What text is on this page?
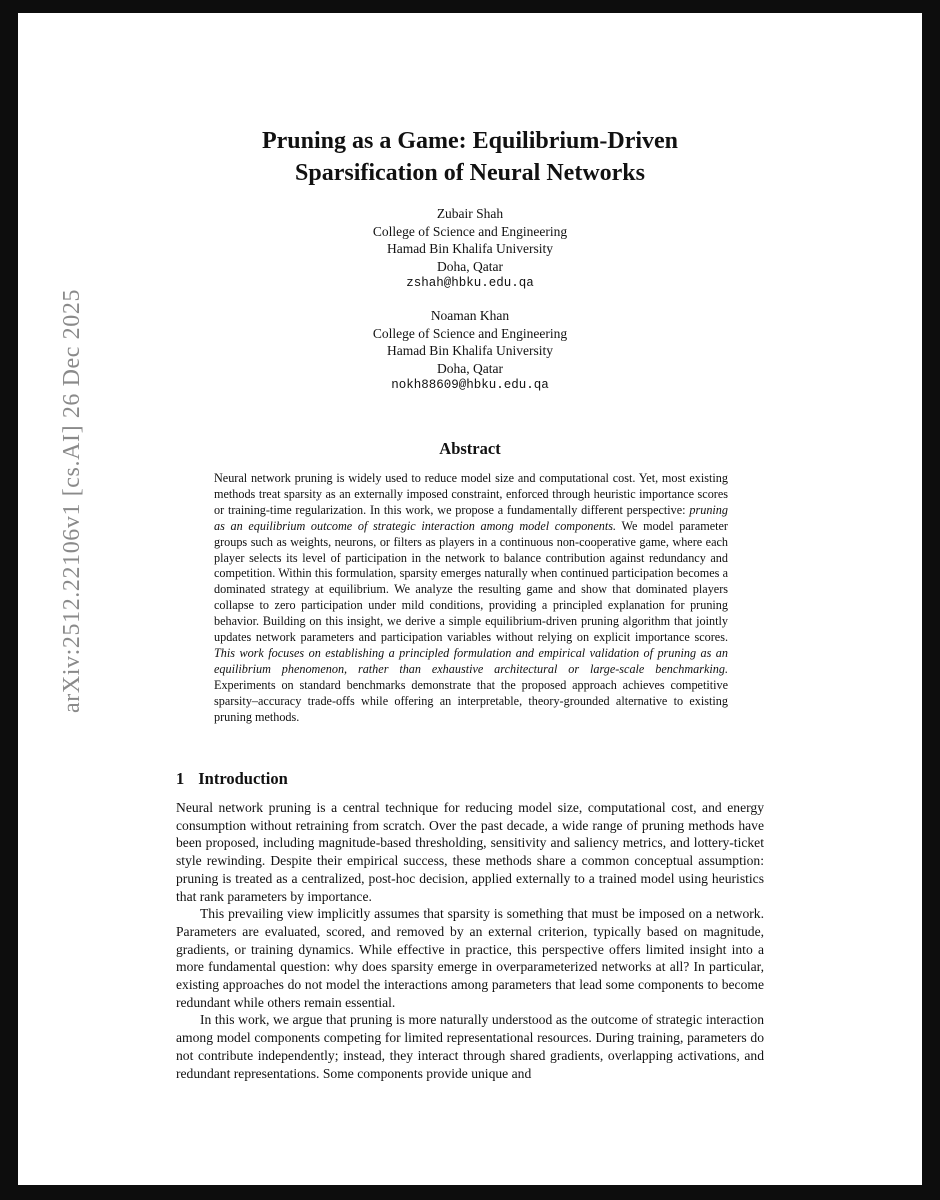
arXiv:2512.22106v1 [cs.AI] 26 Dec 2025
Pruning as a Game: Equilibrium-Driven
Sparsification of Neural Networks
Zubair Shah
College of Science and Engineering
Hamad Bin Khalifa University
Doha, Qatar
zshah@hbku.edu.qa
Noaman Khan
College of Science and Engineering
Hamad Bin Khalifa University
Doha, Qatar
nokh88609@hbku.edu.qa
Abstract
Neural network pruning is widely used to reduce model size and computational cost. Yet, most existing methods treat sparsity as an externally imposed constraint, enforced through heuristic importance scores or training-time regularization. In this work, we propose a fundamentally different perspective: pruning as an equilibrium outcome of strategic interaction among model components. We model parameter groups such as weights, neurons, or filters as players in a continuous non-cooperative game, where each player selects its level of participation in the network to balance contribution against redundancy and competition. Within this formulation, sparsity emerges naturally when continued participation becomes a dominated strategy at equilibrium. We analyze the resulting game and show that dominated players collapse to zero participation under mild conditions, providing a principled explanation for pruning behavior. Building on this insight, we derive a simple equilibrium-driven pruning algorithm that jointly updates network parameters and participation variables without relying on explicit importance scores. This work focuses on establishing a principled formulation and empirical validation of pruning as an equilibrium phenomenon, rather than exhaustive architectural or large-scale benchmarking. Experiments on standard benchmarks demonstrate that the proposed approach achieves competitive sparsity–accuracy trade-offs while offering an interpretable, theory-grounded alternative to existing pruning methods.
1 Introduction

Neural network pruning is a central technique for reducing model size, computational cost, and energy consumption without retraining from scratch. Over the past decade, a wide range of pruning methods have been proposed, including magnitude-based thresholding, sensitivity and saliency metrics, and lottery-ticket style rewinding. Despite their empirical success, these methods share a common conceptual assumption: pruning is treated as a centralized, post-hoc decision, applied externally to a trained model using heuristics that rank parameters by importance.

This prevailing view implicitly assumes that sparsity is something that must be imposed on a network. Parameters are evaluated, scored, and removed by an external criterion, typically based on magnitude, gradients, or training dynamics. While effective in practice, this perspective offers limited insight into a more fundamental question: why does sparsity emerge in overparameterized networks at all? In particular, existing approaches do not model the interactions among parameters that lead some components to become redundant while others remain essential.

In this work, we argue that pruning is more naturally understood as the outcome of strategic interaction among model components competing for limited representational resources. During training, parameters do not contribute independently; instead, they interact through shared gradients, overlapping activations, and redundant representations. Some components provide unique and
